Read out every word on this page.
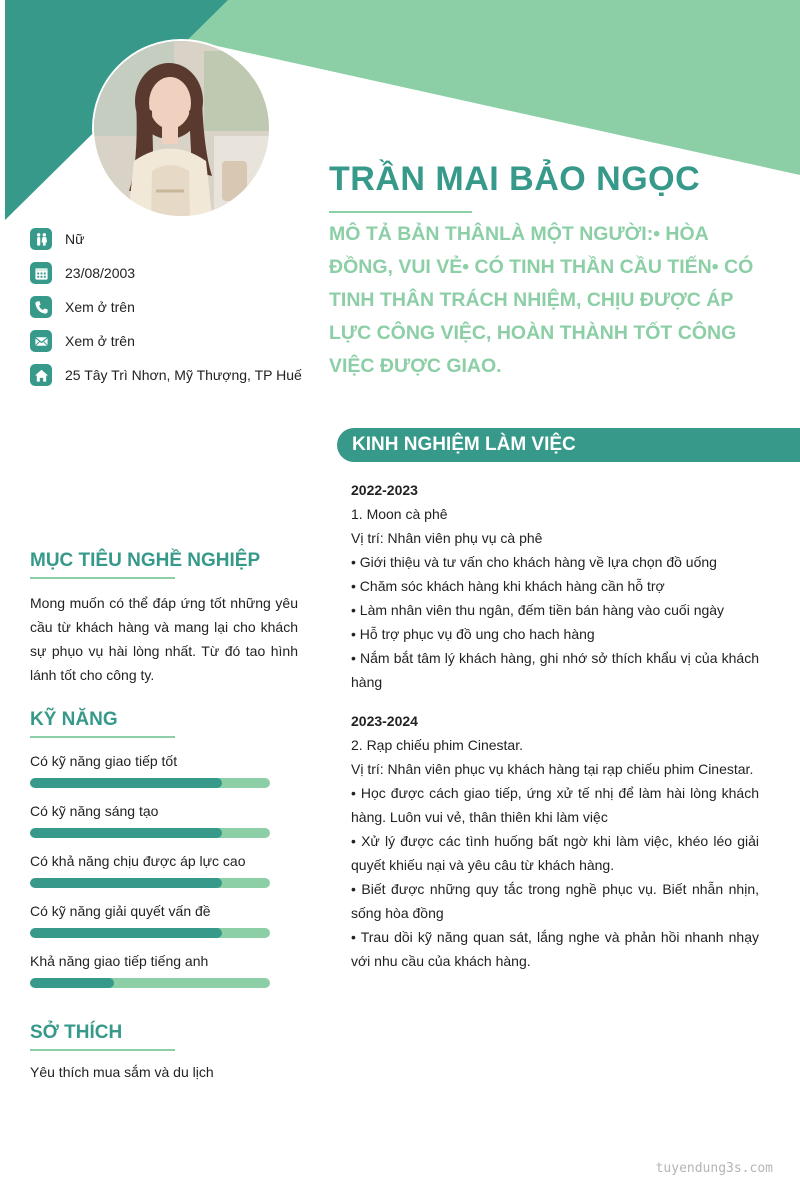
TRẦN MAI BẢO NGỌC

MÔ TẢ BẢN THÂNLÀ MỘT NGƯỜI:• HÒA ĐỒNG, VUI VẺ• CÓ TINH THẦN CẦU TIẾN• CÓ TINH THÂN TRÁCH NHIỆM, CHỊU ĐƯỢC ÁP LỰC CÔNG VIỆC, HOÀN THÀNH TỐT CÔNG VIỆC ĐƯỢC GIAO.

Nữ
23/08/2003
Xem ở trên
Xem ở trên
25 Tây Trì Nhơn, Mỹ Thượng, TP Huế
MỤC TIÊU NGHỀ NGHIỆP

Mong muốn có thể đáp ứng tốt những yêu cầu từ khách hàng và mang lại cho khách sự phụo vụ hài lòng nhất. Từ đó tao hình lánh tốt cho công ty.

KỸ NĂNG
Có kỹ năng giao tiếp tốt
Có kỹ năng sáng tạo
Có khả năng chịu được áp lực cao
Có kỹ năng giải quyết vấn đề
Khả năng giao tiếp tiếng anh
SỞ THÍCH

Yêu thích mua sắm và du lịch

KINH NGHIỆM LÀM VIỆC

2022-2023

1. Moon cà phê

Vị trí: Nhân viên phụ vụ cà phê

• Giới thiệu và tư vấn cho khách hàng về lựa chọn đồ uống

• Chăm sóc khách hàng khi khách hàng cần hỗ trợ

• Làm nhân viên thu ngân, đếm tiền bán hàng vào cuối ngày

• Hỗ trợ phục vụ đồ ung cho hach hàng

• Nắm bắt tâm lý khách hàng, ghi nhớ sở thích khẩu vị của khách hàng

2023-2024

2. Rạp chiếu phim Cinestar.

Vị trí: Nhân viên phục vụ khách hàng tại rạp chiếu phim Cinestar.

• Học được cách giao tiếp, ứng xử tế nhị để làm hài lòng khách hàng. Luôn vui vẻ, thân thiên khi làm việc

• Xử lý được các tình huống bất ngờ khi làm việc, khéo léo giải quyết khiếu nại và yêu câu từ khách hàng.

• Biết được những quy tắc trong nghề phục vụ. Biết nhẫn nhịn, sống hòa đồng

• Trau dồi kỹ năng quan sát, lắng nghe và phản hồi nhanh nhạy với nhu cầu của khách hàng.

tuyendung3s.com
